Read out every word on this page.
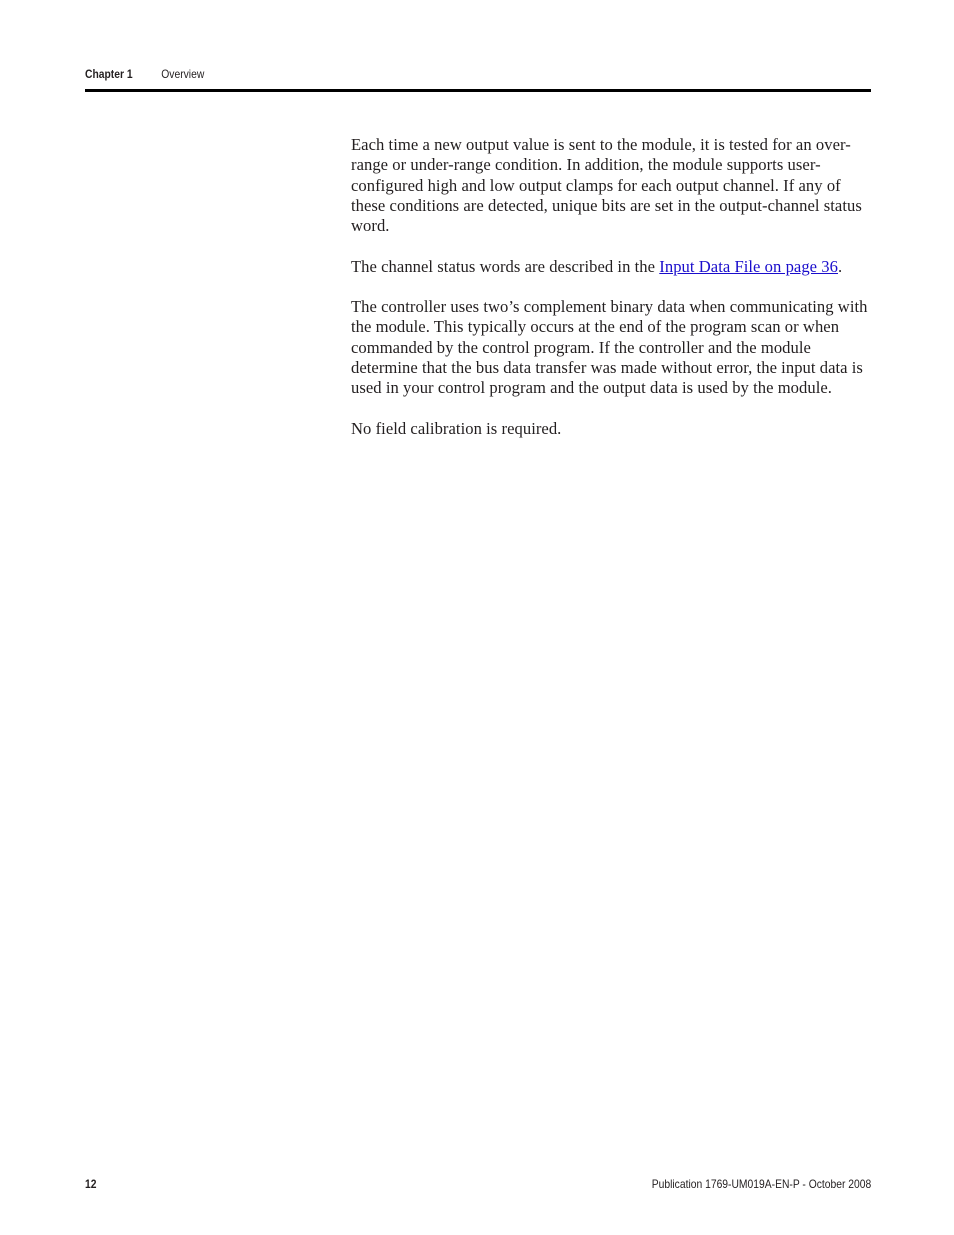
Chapter 1 Overview

Each time a new output value is sent to the module, it is tested for an over-range or under-range condition. In addition, the module supports user-configured high and low output clamps for each output channel. If any of these conditions are detected, unique bits are set in the output-channel status word.

The channel status words are described in the Input Data File on page 36.

The controller uses two’s complement binary data when communicating with the module. This typically occurs at the end of the program scan or when commanded by the control program. If the controller and the module determine that the bus data transfer was made without error, the input data is used in your control program and the output data is used by the module.

No field calibration is required.

12	Publication 1769-UM019A-EN-P - October 2008
